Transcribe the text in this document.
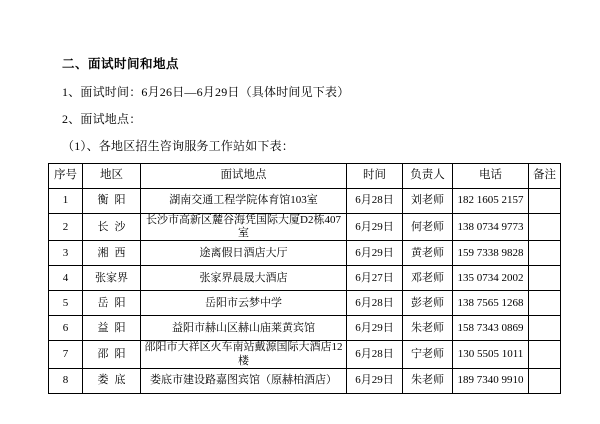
二、面试时间和地点
1、面试时间：6月26日—6月29日（具体时间见下表）
2、面试地点：
（1）、各地区招生咨询服务工作站如下表：
序号	地区	面试地点	时间	负责人	电话	备注
1	衡阳	湖南交通工程学院体育馆103室	6月28日	刘老师	182 1605 2157	
2	长沙	长沙市高新区麓谷海凭国际大厦D2栋407室	6月29日	何老师	138 0734 9773	
3	湘西	途离假日酒店大厅	6月29日	黄老师	159 7338 9828	
4	张家界	张家界晨晟大酒店	6月27日	邓老师	135 0734 2002	
5	岳阳	岳阳市云梦中学	6月28日	彭老师	138 7565 1268	
6	益阳	益阳市赫山区赫山庙莱黄宾馆	6月29日	朱老师	158 7343 0869	
7	邵阳	邵阳市大祥区火车南站戴源国际大酒店12楼	6月28日	宁老师	130 5505 1011	
8	娄底	娄底市建设路嘉图宾馆（原赫柏酒店）	6月29日	朱老师	189 7340 9910	
